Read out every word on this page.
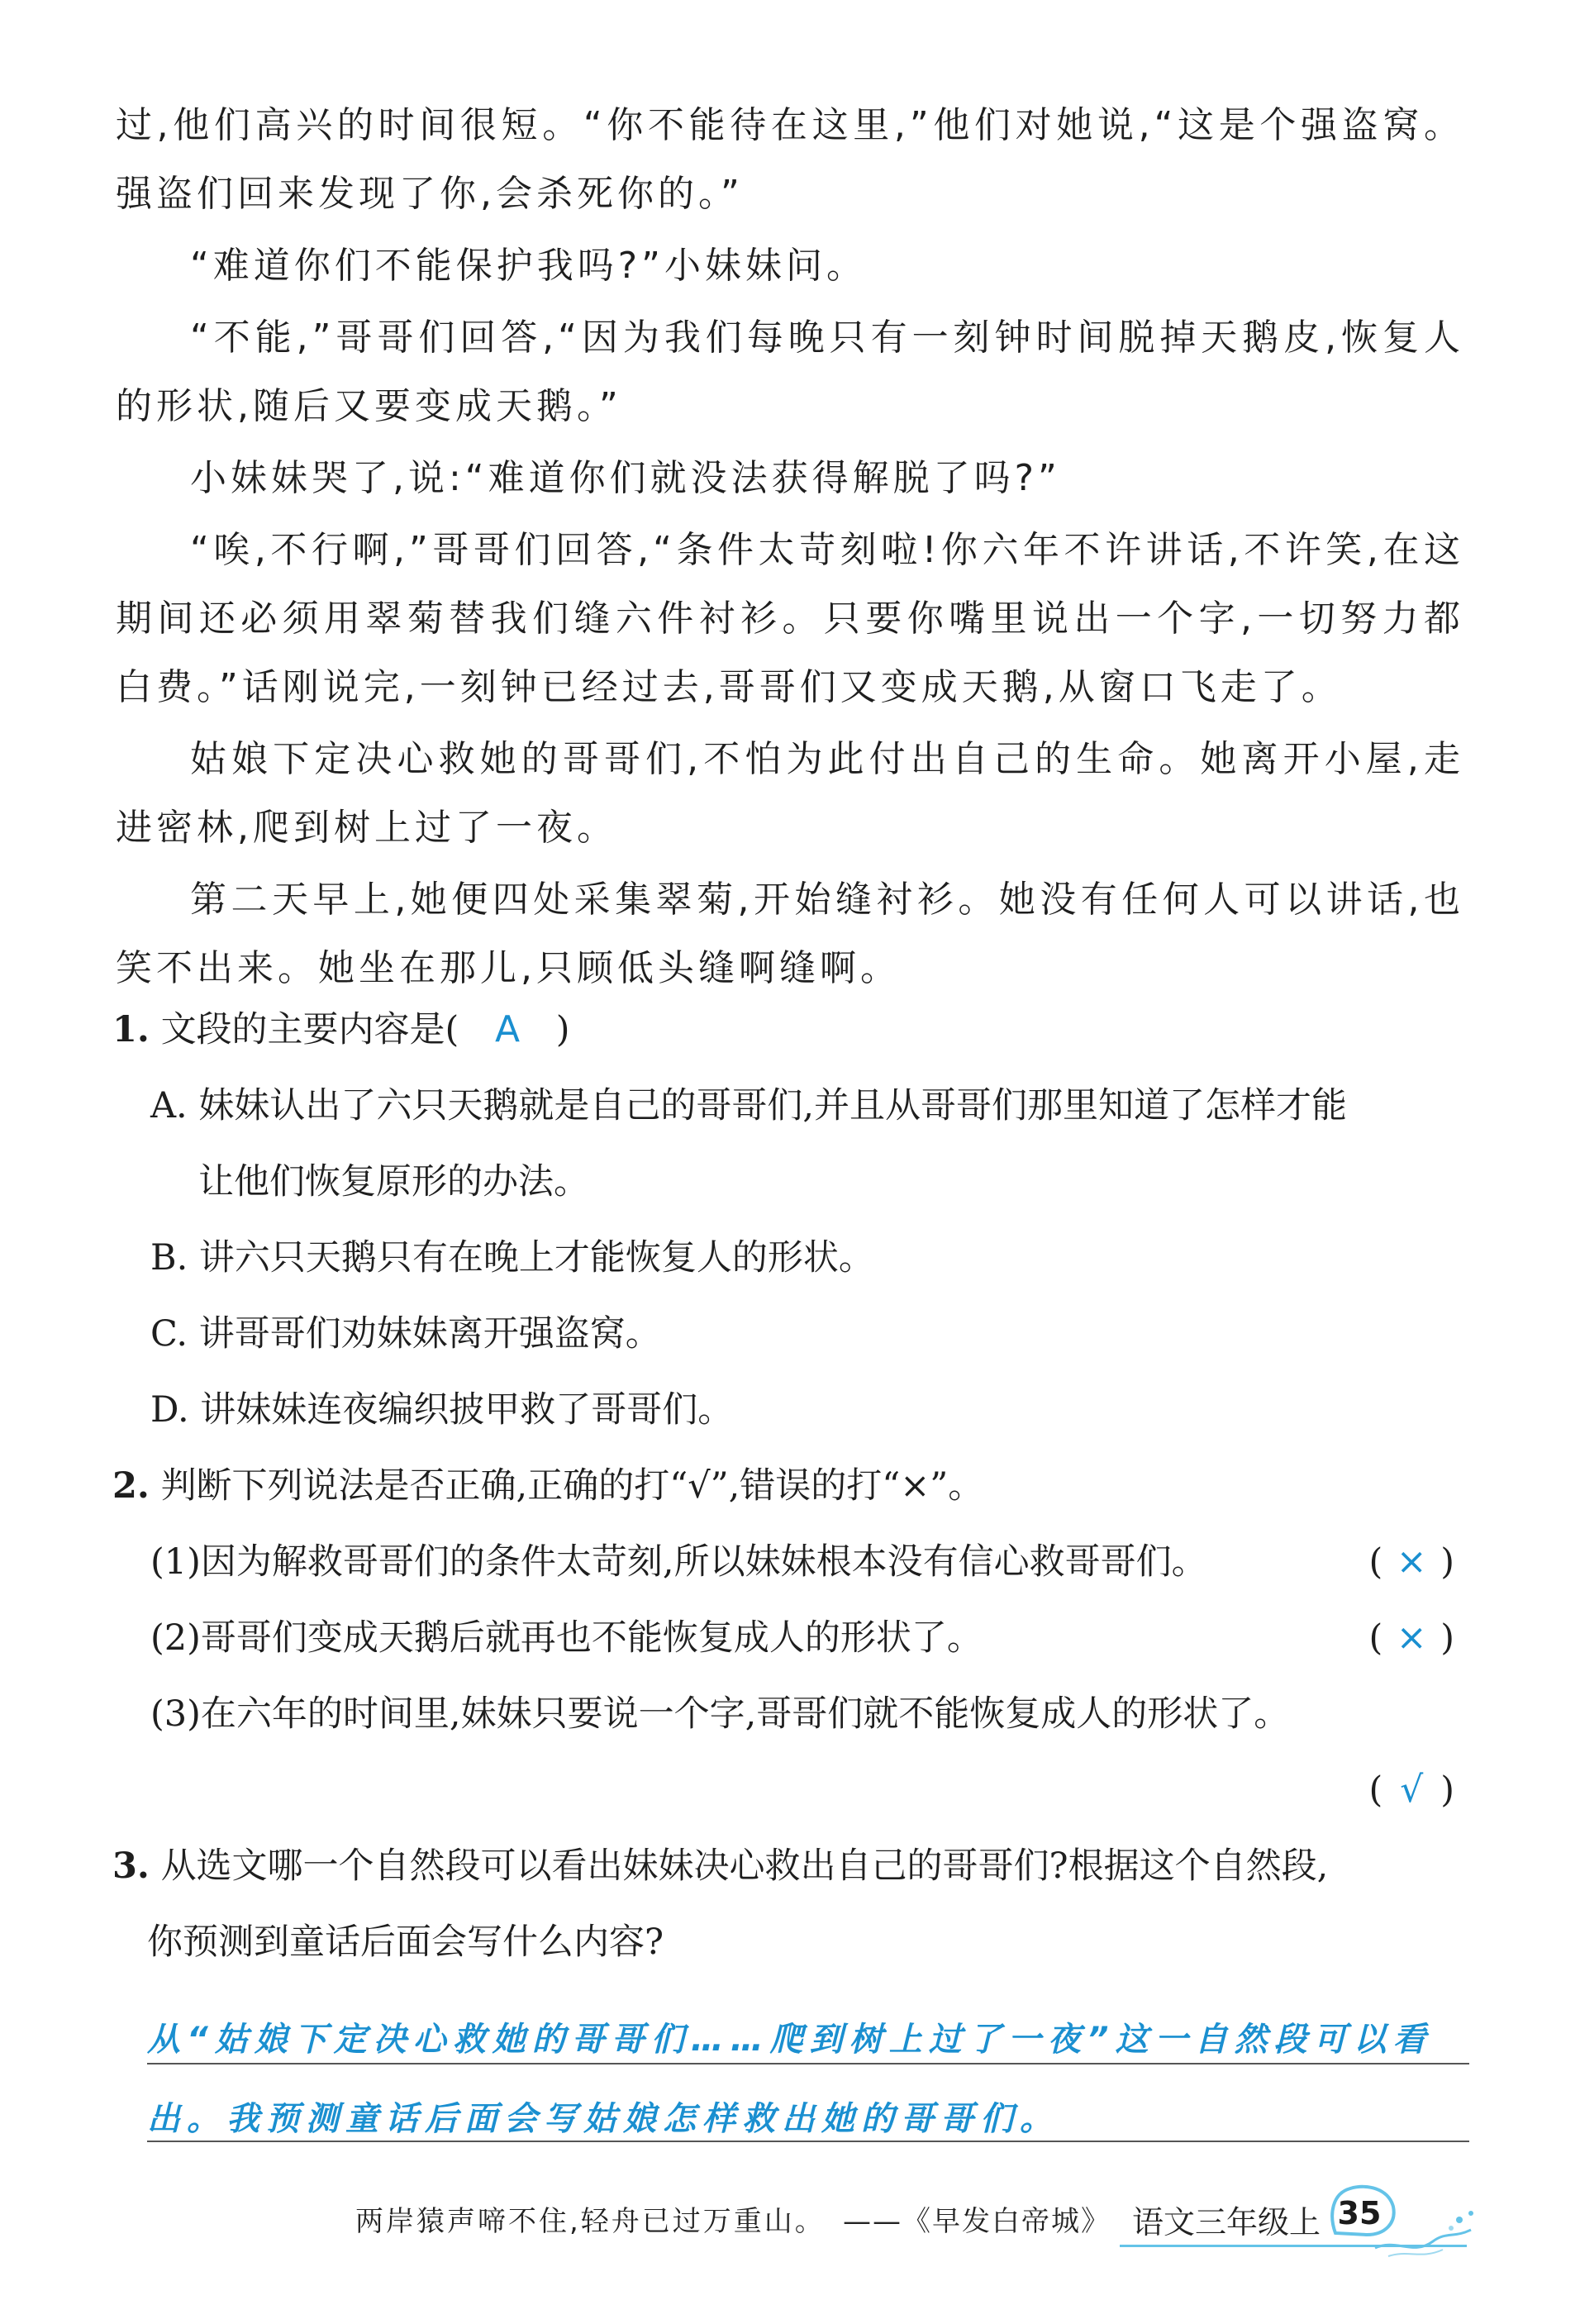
过,他们高兴的时间很短。“你不能待在这里,”他们对她说,“这是个强盗窝。强盗们回来发现了你,会杀死你的。”

“难道你们不能保护我吗?”小妹妹问。

“不能,”哥哥们回答,“因为我们每晚只有一刻钟时间脱掉天鹅皮,恢复人的形状,随后又要变成天鹅。”

小妹妹哭了,说:“难道你们就没法获得解脱了吗?”

“唉,不行啊,”哥哥们回答,“条件太苛刻啦!你六年不许讲话,不许笑,在这期间还必须用翠菊替我们缝六件衬衫。只要你嘴里说出一个字,一切努力都白费。”话刚说完,一刻钟已经过去,哥哥们又变成天鹅,从窗口飞走了。

姑娘下定决心救她的哥哥们,不怕为此付出自己的生命。她离开小屋,走进密林,爬到树上过了一夜。

第二天早上,她便四处采集翠菊,开始缝衬衫。她没有任何人可以讲话,也笑不出来。她坐在那儿,只顾低头缝啊缝啊。

1. 文段的主要内容是( A )
A. 妹妹认出了六只天鹅就是自己的哥哥们,并且从哥哥们那里知道了怎样才能
让他们恢复原形的办法。
B. 讲六只天鹅只有在晚上才能恢复人的形状。
C. 讲哥哥们劝妹妹离开强盗窝。
D. 讲妹妹连夜编织披甲救了哥哥们。
2. 判断下列说法是否正确,正确的打“√”,错误的打“×”。
(1)因为解救哥哥们的条件太苛刻,所以妹妹根本没有信心救哥哥们。	( × )
(2)哥哥们变成天鹅后就再也不能恢复成人的形状了。	( × )
(3)在六年的时间里,妹妹只要说一个字,哥哥们就不能恢复成人的形状了。
( √ )
3. 从选文哪一个自然段可以看出妹妹决心救出自己的哥哥们?根据这个自然段,
你预测到童话后面会写什么内容?
从“姑娘下定决心救她的哥哥们……爬到树上过了一夜”这一自然段可以看
出。我预测童话后面会写姑娘怎样救出她的哥哥们。
两岸猿声啼不住,轻舟已过万重山。 ——《早发白帝城》 语文三年级上 35
